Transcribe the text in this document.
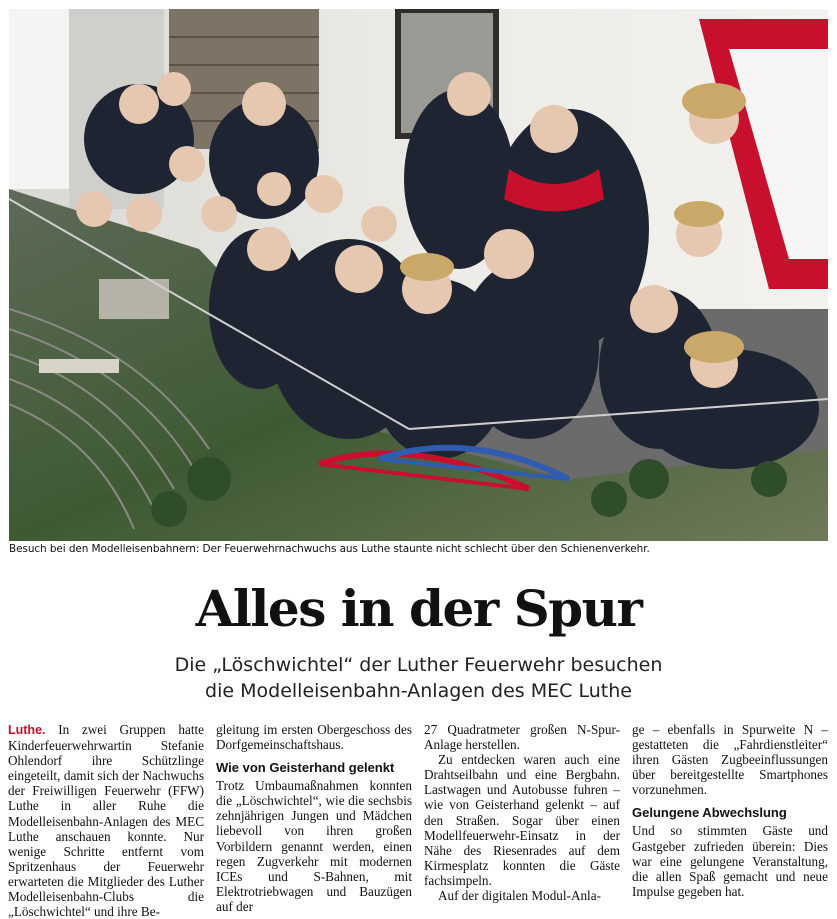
Besuch bei den Modelleisenbahnern: Der Feuerwehrnachwuchs aus Luthe staunte nicht schlecht über den Schienenverkehr.
Alles in der Spur
Die „Löschwichtel“ der Luther Feuerwehr besuchen
die Modelleisenbahn-Anlagen des MEC Luthe

Luthe. In zwei Gruppen hatte Kinderfeuerwehrwartin Stefanie Ohlendorf ihre Schützlinge eingeteilt, damit sich der Nachwuchs der Freiwilligen Feuerwehr (FFW) Luthe in aller Ruhe die Modelleisenbahn-Anlagen des MEC Luthe anschauen konnte. Nur wenige Schritte entfernt vom Spritzenhaus der Feuerwehr erwarteten die Mitglieder des Luther Modelleisenbahn-Clubs die „Löschwichtel“ und ihre Be-

gleitung im ersten Obergeschoss des Dorfgemeinschaftshaus.

Wie von Geisterhand gelenkt

Trotz Umbaumaßnahmen konnten die „Löschwichtel“, wie die sechsbis zehnjährigen Jungen und Mädchen liebevoll von ihren großen Vorbildern genannt werden, einen regen Zugverkehr mit modernen ICEs und S-Bahnen, mit Elektrotriebwagen und Bauzügen auf der

27 Quadratmeter großen N-Spur-Anlage herstellen.

Zu entdecken waren auch eine Drahtseilbahn und eine Bergbahn. Lastwagen und Autobusse fuhren – wie von Geisterhand gelenkt – auf den Straßen. Sogar über einen Modellfeuerwehr-Einsatz in der Nähe des Riesenrades auf dem Kirmesplatz konnten die Gäste fachsimpeln.

Auf der digitalen Modul-Anla-

ge – ebenfalls in Spurweite N – gestatteten die „Fahrdienstleiter“ ihren Gästen Zugbeeinflussungen über bereitgestellte Smartphones vorzunehmen.

Gelungene Abwechslung

Und so stimmten Gäste und Gastgeber zufrieden überein: Dies war eine gelungene Veranstaltung, die allen Spaß gemacht und neue Impulse gegeben hat.
